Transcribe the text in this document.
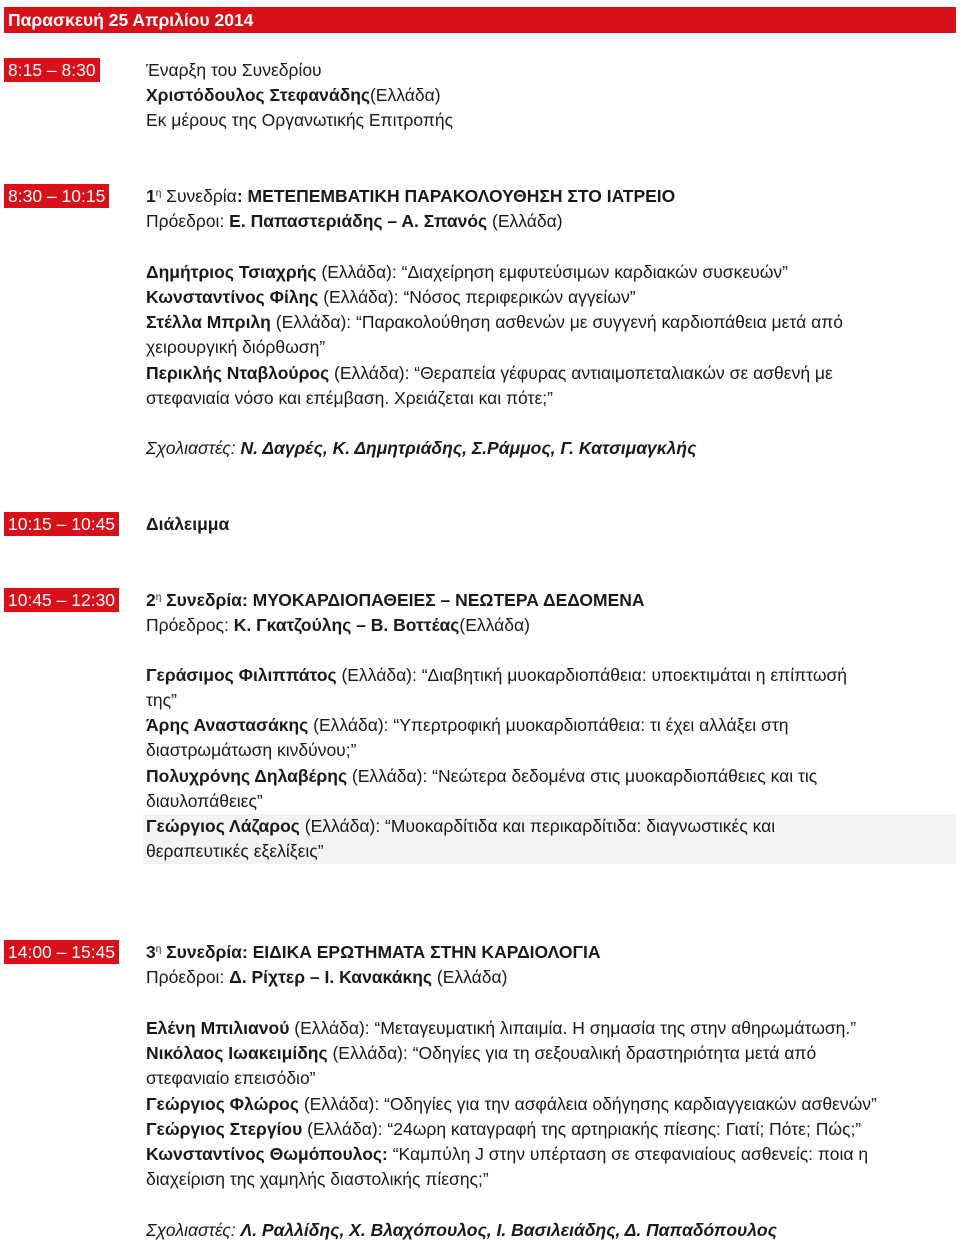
Παρασκευή 25 Απριλίου 2014
8:15 – 8:30	Έναρξη του Συνεδρίου
Χριστόδουλος Στεφανάδης(Ελλάδα)
Εκ μέρους της Οργανωτικής Επιτροπής
8:30 – 10:15 $1^\eta$ Συνεδρία: ΜΕΤΕΠΕΜΒΑΤΙΚΗ ΠΑΡΑΚΟΛΟΥΘΗΣΗ ΣΤΟ ΙΑΤΡΕΙΟ
Πρόεδροι: Ε. Παπαστεριάδης – Α. Σπανός (Ελλάδα)
Δημήτριος Τσιαχρής (Ελλάδα): “Διαχείρηση εμφυτεύσιμων καρδιακών συσκευών”
Κωνσταντίνος Φίλης (Ελλάδα): “Νόσος περιφερικών αγγείων”
Στέλλα Μπριλη (Ελλάδα): “Παρακολούθηση ασθενών με συγγενή καρδιοπάθεια μετά από
χειρουργική διόρθωση”
Περικλής Νταβλούρος (Ελλάδα): “Θεραπεία γέφυρας αντιαιμοπεταλιακών σε ασθενή με
στεφανιαία νόσο και επέμβαση. Χρειάζεται και πότε;”
Σχολιαστές: Ν. Δαγρές, Κ. Δημητριάδης, Σ.Ράμμος, Γ. Κατσιμαγκλής
10:15 – 10:45 Διάλειμμα
10:45 – 12:30 $2^\eta$ Συνεδρία: ΜΥΟΚΑΡΔΙΟΠΑΘΕΙΕΣ – ΝΕΩΤΕΡΑ ΔΕΔΟΜΕΝΑ
Πρόεδρος: Κ. Γκατζούλης – Β. Βοττέας(Ελλάδα)
Γεράσιμος Φιλιππάτος (Ελλάδα): “Διαβητική μυοκαρδιοπάθεια: υποεκτιμάται η επίπτωσή
της”
Άρης Αναστασάκης (Ελλάδα): “Υπερτροφική μυοκαρδιοπάθεια: τι έχει αλλάξει στη
διαστρωμάτωση κινδύνου;”
Πολυχρόνης Δηλαβέρης (Ελλάδα): “Νεώτερα δεδομένα στις μυοκαρδιοπάθειες και τις
διαυλοπάθειες”
Γεώργιος Λάζαρος (Ελλάδα): “Μυοκαρδίτιδα και περικαρδίτιδα: διαγνωστικές και
θεραπευτικές εξελίξεις”
14:00 – 15:45 $3^\eta$ Συνεδρία: ΕΙΔΙΚΑ ΕΡΩΤΗΜΑΤΑ ΣΤΗΝ ΚΑΡΔΙΟΛΟΓΙΑ
Πρόεδροι: Δ. Ρίχτερ – Ι. Κανακάκης (Ελλάδα)
Ελένη Μπιλιανού (Ελλάδα): “Μεταγευματική λιπαιμία. Η σημασία της στην αθηρωμάτωση.”
Νικόλαος Ιωακειμίδης (Ελλάδα): “Οδηγίες για τη σεξουαλική δραστηριότητα μετά από
στεφανιαίο επεισόδιο”
Γεώργιος Φλώρος (Ελλάδα): “Οδηγίες για την ασφάλεια οδήγησης καρδιαγγειακών ασθενών”
Γεώργιος Στεργίου (Ελλάδα): “24ωρη καταγραφή της αρτηριακής πίεσης: Γιατί; Πότε; Πώς;”
Κωνσταντίνος Θωμόπουλος: “Καμπύλη J στην υπέρταση σε στεφανιαίους ασθενείς: ποια η
διαχείριση της χαμηλής διαστολικής πίεσης;”
Σχολιαστές: Λ. Ραλλίδης, Χ. Βλαχόπουλος, Ι. Βασιλειάδης, Δ. Παπαδόπουλος
